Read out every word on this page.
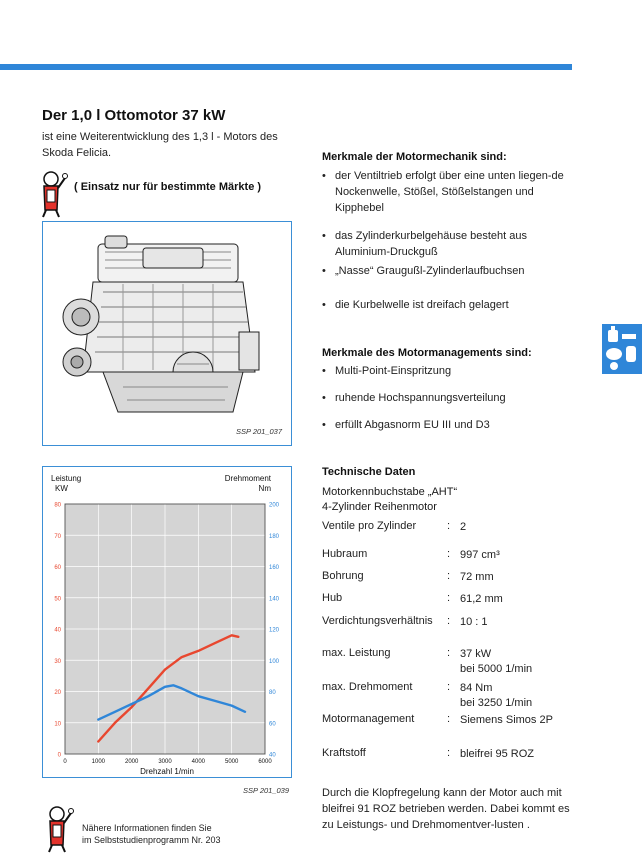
Der 1,0 l Ottomotor 37 kW
ist eine Weiterentwicklung des 1,3 l - Motors des Skoda Felicia.
( Einsatz nur für bestimmte Märkte )
SSP 201_037
Leistung
KW
Drehmoment
Nm
Drehzahl 1/min
0
10
20
30
40
50
60
70
80
40
60
80
100
120
140
160
180
200
0	1000	2000	3000	4000	5000	6000
SSP 201_039
Nähere Informationen finden Sie
im Selbststudienprogramm Nr. 203
Merkmale der Motormechanik sind:
• der Ventiltrieb erfolgt über eine unten liegen-de Nockenwelle, Stößel, Stößelstangen und Kipphebel
• das Zylinderkurbelgehäuse besteht aus Aluminium-Druckguß
• „Nasse“ Graugußl-Zylinderlaufbuchsen
• die Kurbelwelle ist dreifach gelagert
Merkmale des Motormanagements sind:
• Multi-Point-Einspritzung
• ruhende Hochspannungsverteilung
• erfüllt Abgasnorm EU III und D3
Technische Daten
Motorkennbuchstabe „AHT“
4-Zylinder Reihenmotor
Ventile pro Zylinder	: 2
Hubraum	: 997 cm³
Bohrung	: 72 mm
Hub	: 61,2 mm
Verdichtungsverhältnis : 10 : 1
max. Leistung	: 37 kW
bei 5000 1/min
max. Drehmoment	: 84 Nm
bei 3250 1/min
Motormanagement	: Siemens Simos 2P
Kraftstoff	: bleifrei 95 ROZ
Durch die Klopfregelung kann der Motor auch mit bleifrei 91 ROZ betrieben werden. Dabei kommt es zu Leistungs- und Drehmomentver-lusten .
